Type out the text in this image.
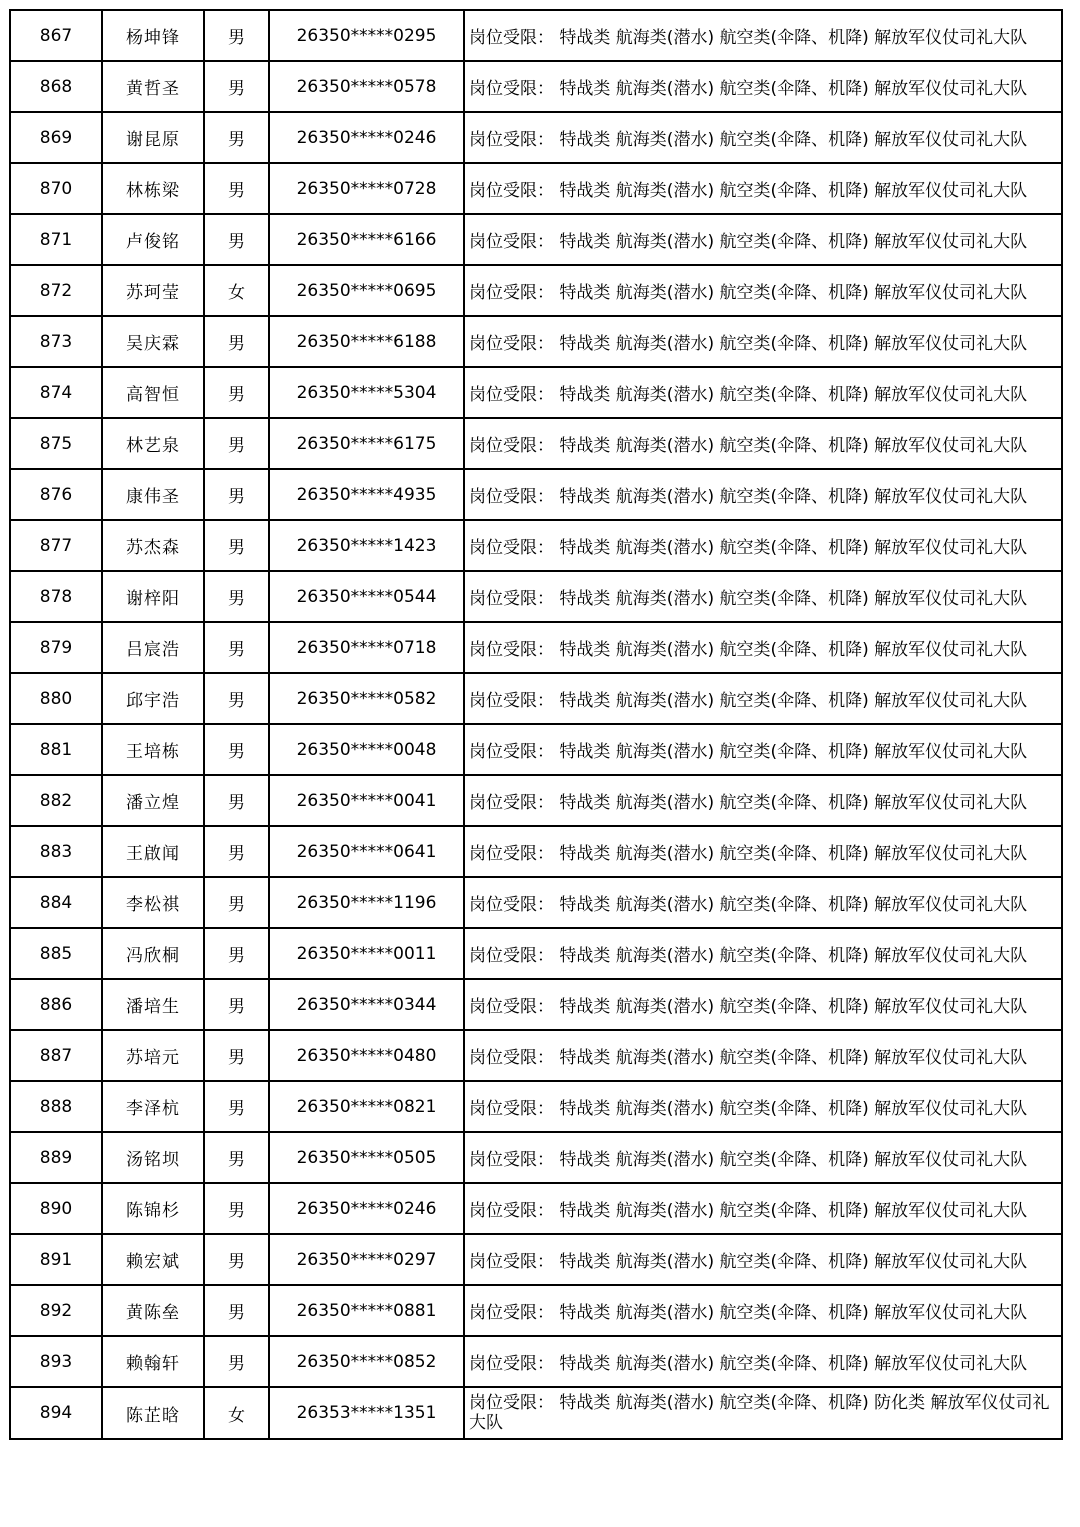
867	杨坤锋	男	26350*****0295	岗位受限： 特战类 航海类(潜水) 航空类(伞降、机降) 解放军仪仗司礼大队
868	黄哲圣	男	26350*****0578	岗位受限： 特战类 航海类(潜水) 航空类(伞降、机降) 解放军仪仗司礼大队
869	谢昆原	男	26350*****0246	岗位受限： 特战类 航海类(潜水) 航空类(伞降、机降) 解放军仪仗司礼大队
870	林栋梁	男	26350*****0728	岗位受限： 特战类 航海类(潜水) 航空类(伞降、机降) 解放军仪仗司礼大队
871	卢俊铭	男	26350*****6166	岗位受限： 特战类 航海类(潜水) 航空类(伞降、机降) 解放军仪仗司礼大队
872	苏珂莹	女	26350*****0695	岗位受限： 特战类 航海类(潜水) 航空类(伞降、机降) 解放军仪仗司礼大队
873	吴庆霖	男	26350*****6188	岗位受限： 特战类 航海类(潜水) 航空类(伞降、机降) 解放军仪仗司礼大队
874	高智恒	男	26350*****5304	岗位受限： 特战类 航海类(潜水) 航空类(伞降、机降) 解放军仪仗司礼大队
875	林艺泉	男	26350*****6175	岗位受限： 特战类 航海类(潜水) 航空类(伞降、机降) 解放军仪仗司礼大队
876	康伟圣	男	26350*****4935	岗位受限： 特战类 航海类(潜水) 航空类(伞降、机降) 解放军仪仗司礼大队
877	苏杰森	男	26350*****1423	岗位受限： 特战类 航海类(潜水) 航空类(伞降、机降) 解放军仪仗司礼大队
878	谢梓阳	男	26350*****0544	岗位受限： 特战类 航海类(潜水) 航空类(伞降、机降) 解放军仪仗司礼大队
879	吕宸浩	男	26350*****0718	岗位受限： 特战类 航海类(潜水) 航空类(伞降、机降) 解放军仪仗司礼大队
880	邱宇浩	男	26350*****0582	岗位受限： 特战类 航海类(潜水) 航空类(伞降、机降) 解放军仪仗司礼大队
881	王培栋	男	26350*****0048	岗位受限： 特战类 航海类(潜水) 航空类(伞降、机降) 解放军仪仗司礼大队
882	潘立煌	男	26350*****0041	岗位受限： 特战类 航海类(潜水) 航空类(伞降、机降) 解放军仪仗司礼大队
883	王啟闻	男	26350*****0641	岗位受限： 特战类 航海类(潜水) 航空类(伞降、机降) 解放军仪仗司礼大队
884	李松祺	男	26350*****1196	岗位受限： 特战类 航海类(潜水) 航空类(伞降、机降) 解放军仪仗司礼大队
885	冯欣桐	男	26350*****0011	岗位受限： 特战类 航海类(潜水) 航空类(伞降、机降) 解放军仪仗司礼大队
886	潘培生	男	26350*****0344	岗位受限： 特战类 航海类(潜水) 航空类(伞降、机降) 解放军仪仗司礼大队
887	苏培元	男	26350*****0480	岗位受限： 特战类 航海类(潜水) 航空类(伞降、机降) 解放军仪仗司礼大队
888	李泽杭	男	26350*****0821	岗位受限： 特战类 航海类(潜水) 航空类(伞降、机降) 解放军仪仗司礼大队
889	汤铭坝	男	26350*****0505	岗位受限： 特战类 航海类(潜水) 航空类(伞降、机降) 解放军仪仗司礼大队
890	陈锦杉	男	26350*****0246	岗位受限： 特战类 航海类(潜水) 航空类(伞降、机降) 解放军仪仗司礼大队
891	赖宏斌	男	26350*****0297	岗位受限： 特战类 航海类(潜水) 航空类(伞降、机降) 解放军仪仗司礼大队
892	黄陈垒	男	26350*****0881	岗位受限： 特战类 航海类(潜水) 航空类(伞降、机降) 解放军仪仗司礼大队
893	赖翰轩	男	26350*****0852	岗位受限： 特战类 航海类(潜水) 航空类(伞降、机降) 解放军仪仗司礼大队
894	陈芷晗	女	26353*****1351	岗位受限： 特战类 航海类(潜水) 航空类(伞降、机降) 防化类 解放军仪仗司礼大队
